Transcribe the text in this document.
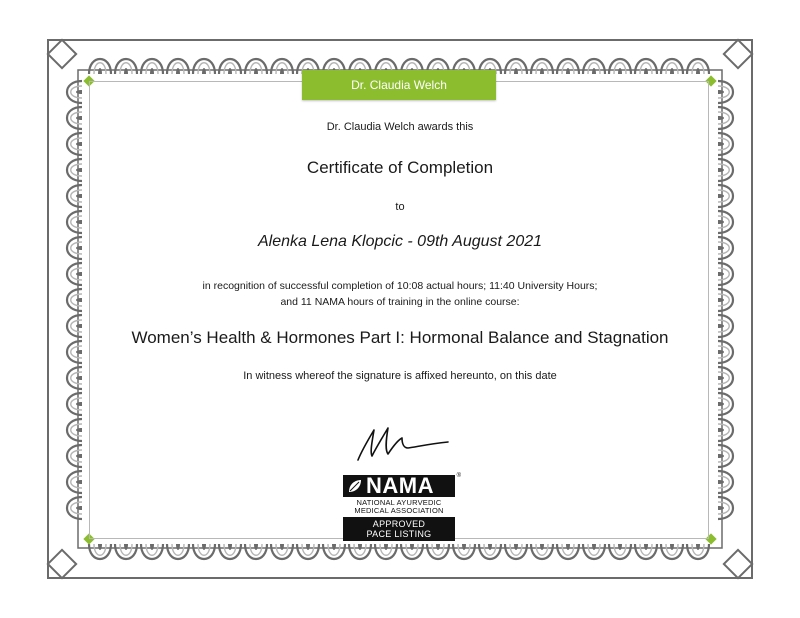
Dr. Claudia Welch

Dr. Claudia Welch awards this

Certificate of Completion

to

Alenka Lena Klopcic - 09th August 2021

in recognition of successful completion of 10:08 actual hours; 11:40 University Hours;
and 11 NAMA hours of training in the online course:

Women’s Health & Hormones Part I: Hormonal Balance and Stagnation

In witness whereof the signature is affixed hereunto, on this date

NAMA	®
NATIONAL AYURVEDIC
MEDICAL ASSOCIATION
APPROVED
PACE LISTING
